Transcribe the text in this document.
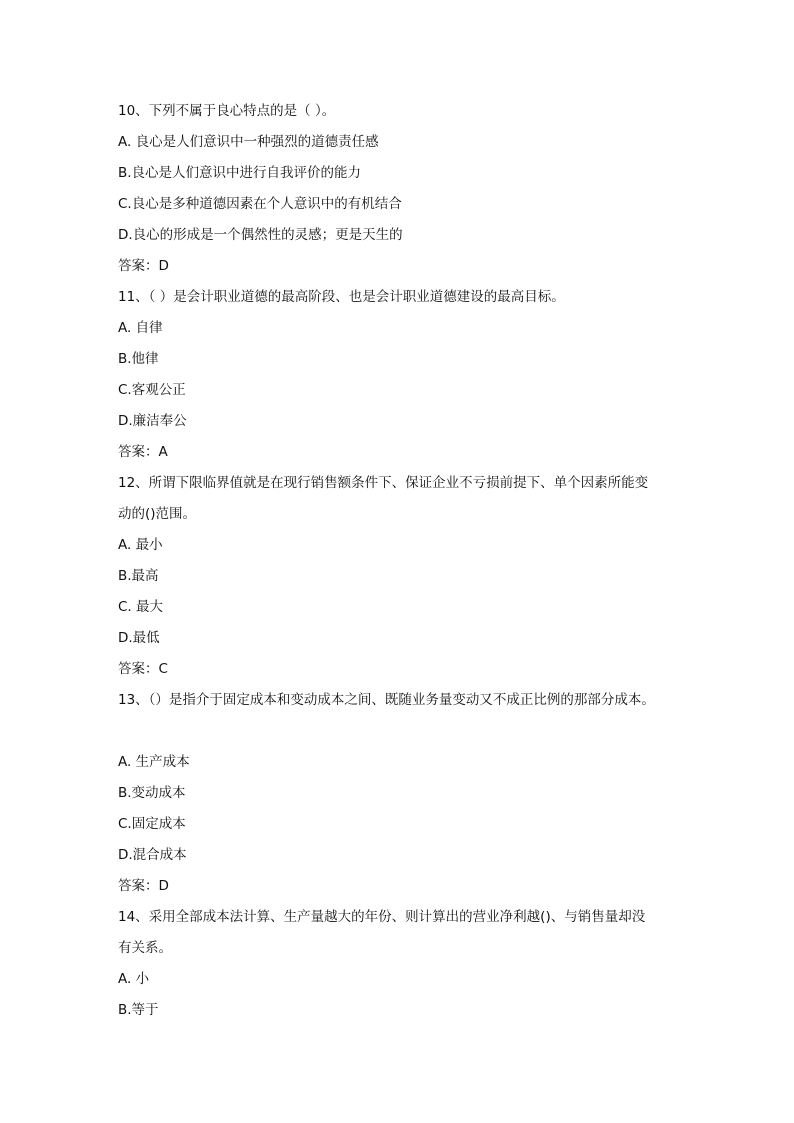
10、下列不属于良心特点的是（ ）。
A. 良心是人们意识中一种强烈的道德责任感
B.良心是人们意识中进行自我评价的能力
C.良心是多种道德因素在个人意识中的有机结合
D.良心的形成是一个偶然性的灵感；更是天生的
答案：D
11、（ ）是会计职业道德的最高阶段、也是会计职业道德建设的最高目标。
A. 自律
B.他律
C.客观公正
D.廉洁奉公
答案：A
12、所谓下限临界值就是在现行销售额条件下、保证企业不亏损前提下、单个因素所能变
动的()范围。
A. 最小
B.最高
C. 最大
D.最低
答案：C
13、（）是指介于固定成本和变动成本之间、既随业务量变动又不成正比例的那部分成本。
A. 生产成本
B.变动成本
C.固定成本
D.混合成本
答案：D
14、采用全部成本法计算、生产量越大的年份、则计算出的营业净利越()、与销售量却没
有关系。
A. 小
B.等于
